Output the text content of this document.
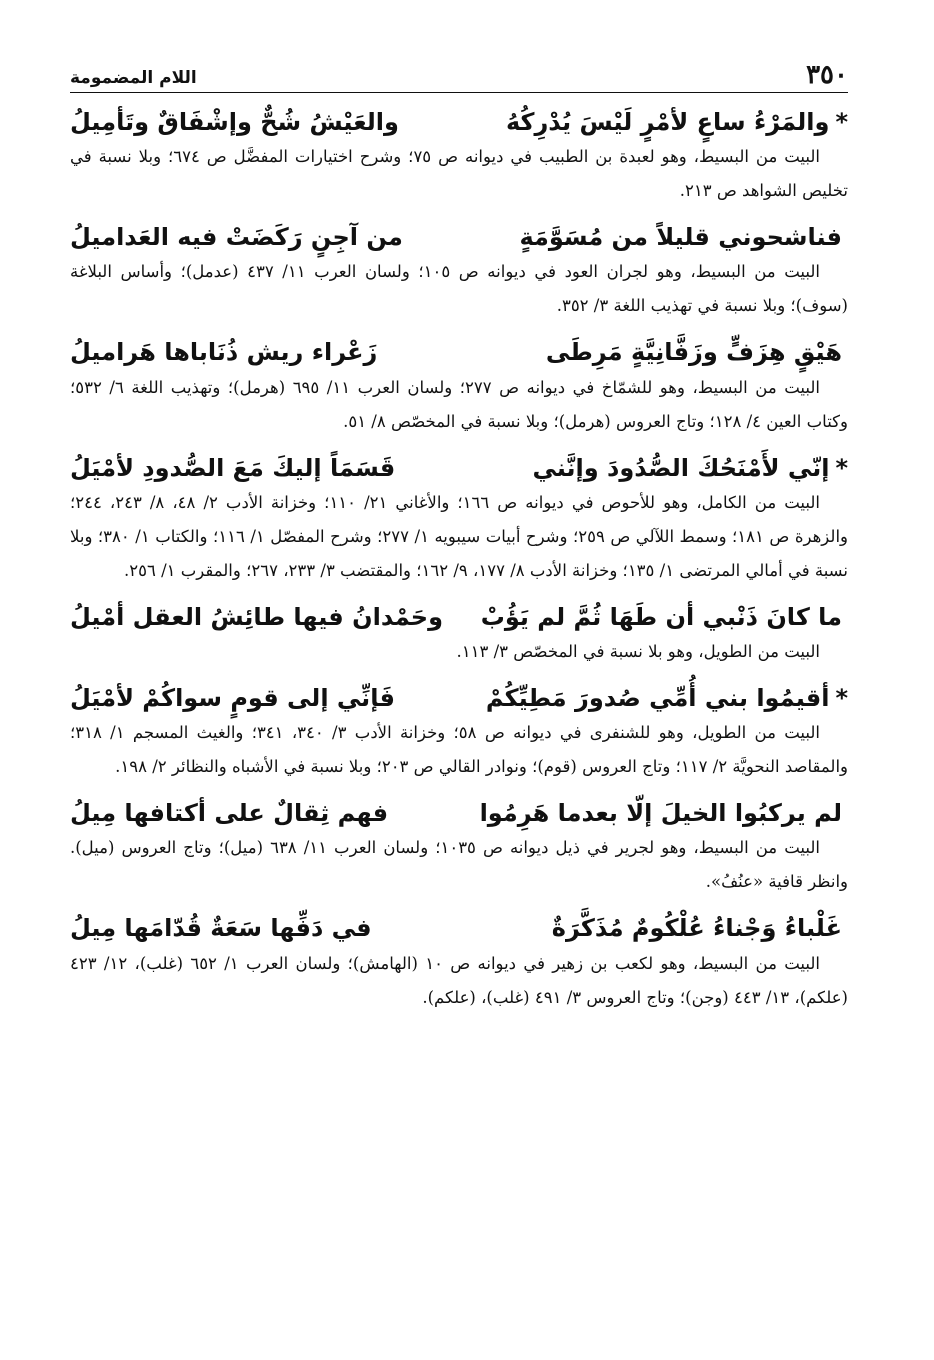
٣٥٠
اللام المضمومة
*والمَرْءُ ساعٍ لأمْرٍ لَيْسَ يُدْرِكُهُ
والعَيْشُ شُحٌّ وإشْفَاقٌ وتَأمِيلُ

البيت من البسيط، وهو لعبدة بن الطبيب في ديوانه ص ٧٥؛ وشرح اختيارات المفضَّل ص ٦٧٤؛ وبلا نسبة في تخليص الشواهد ص ٢١٣.

فناشحوني قليلاً من مُسَوَّمَةٍ
من آجِنٍ رَكَضَتْ فيه العَداميلُ

البيت من البسيط، وهو لجران العود في ديوانه ص ١٠٥؛ ولسان العرب ١١/ ٤٣٧ (عدمل)؛ وأساس البلاغة (سوف)؛ وبلا نسبة في تهذيب اللغة ٣/ ٣٥٢.

هَيْقٍ هِزَفٍّ وزَفَّانِيَّةٍ مَرِطَى
زَعْراء ريش ذُنَاباها هَراميلُ

البيت من البسيط، وهو للشمّاخ في ديوانه ص ٢٧٧؛ ولسان العرب ١١/ ٦٩٥ (هرمل)؛ وتهذيب اللغة ٦/ ٥٣٢؛ وكتاب العين ٤/ ١٢٨؛ وتاج العروس (هرمل)؛ وبلا نسبة في المخصّص ٨/ ٥١.

*إنّي لأَمْنَحُكَ الصُّدُودَ وإنَّني
قَسَمَاً إليكَ مَعَ الصُّدودِ لأمْيَلُ

البيت من الكامل، وهو للأحوص في ديوانه ص ١٦٦؛ والأغاني ٢١/ ١١٠؛ وخزانة الأدب ٢/ ٤٨، ٨/ ٢٤٣، ٢٤٤؛ والزهرة ص ١٨١؛ وسمط اللآلي ص ٢٥٩؛ وشرح أبيات سيبويه ١/ ٢٧٧؛ وشرح المفصّل ١/ ١١٦؛ والكتاب ١/ ٣٨٠؛ وبلا نسبة في أمالي المرتضى ١/ ١٣٥؛ وخزانة الأدب ٨/ ١٧٧، ٩/ ١٦٢؛ والمقتضب ٣/ ٢٣٣، ٢٦٧؛ والمقرب ١/ ٢٥٦.

ما كانَ ذَنْبي أن طَهَا ثُمَّ لم يَؤُبْ
وحَمْدانُ فيها طائِشُ العقل أمْيلُ

البيت من الطويل، وهو بلا نسبة في المخصّص ٣/ ١١٣.

*أقيمُوا بني أُمِّي صُدورَ مَطِيِّكُمْ
فَإنِّي إلى قومٍ سواكُمْ لأمْيَلُ

البيت من الطويل، وهو للشنفرى في ديوانه ص ٥٨؛ وخزانة الأدب ٣/ ٣٤٠، ٣٤١؛ والغيث المسجم ١/ ٣١٨؛ والمقاصد النحويَّة ٢/ ١١٧؛ وتاج العروس (قوم)؛ ونوادر القالي ص ٢٠٣؛ وبلا نسبة في الأشباه والنظائر ٢/ ١٩٨.

لم يركبُوا الخيلَ إلّا بعدما هَرِمُوا
فهم ثِقالٌ على أكتافها مِيلُ

البيت من البسيط، وهو لجرير في ذيل ديوانه ص ١٠٣٥؛ ولسان العرب ١١/ ٦٣٨ (ميل)؛ وتاج العروس (ميل). وانظر قافية «عنُفُ».

غَلْباءُ وَجْناءُ عُلْكُومٌ مُذَكَّرَةٌ
في دَفِّها سَعَةٌ قُدّامَها مِيلُ

البيت من البسيط، وهو لكعب بن زهير في ديوانه ص ١٠ (الهامش)؛ ولسان العرب ١/ ٦٥٢ (غلب)، ١٢/ ٤٢٣ (علكم)، ١٣/ ٤٤٣ (وجن)؛ وتاج العروس ٣/ ٤٩١ (غلب)، (علكم).
